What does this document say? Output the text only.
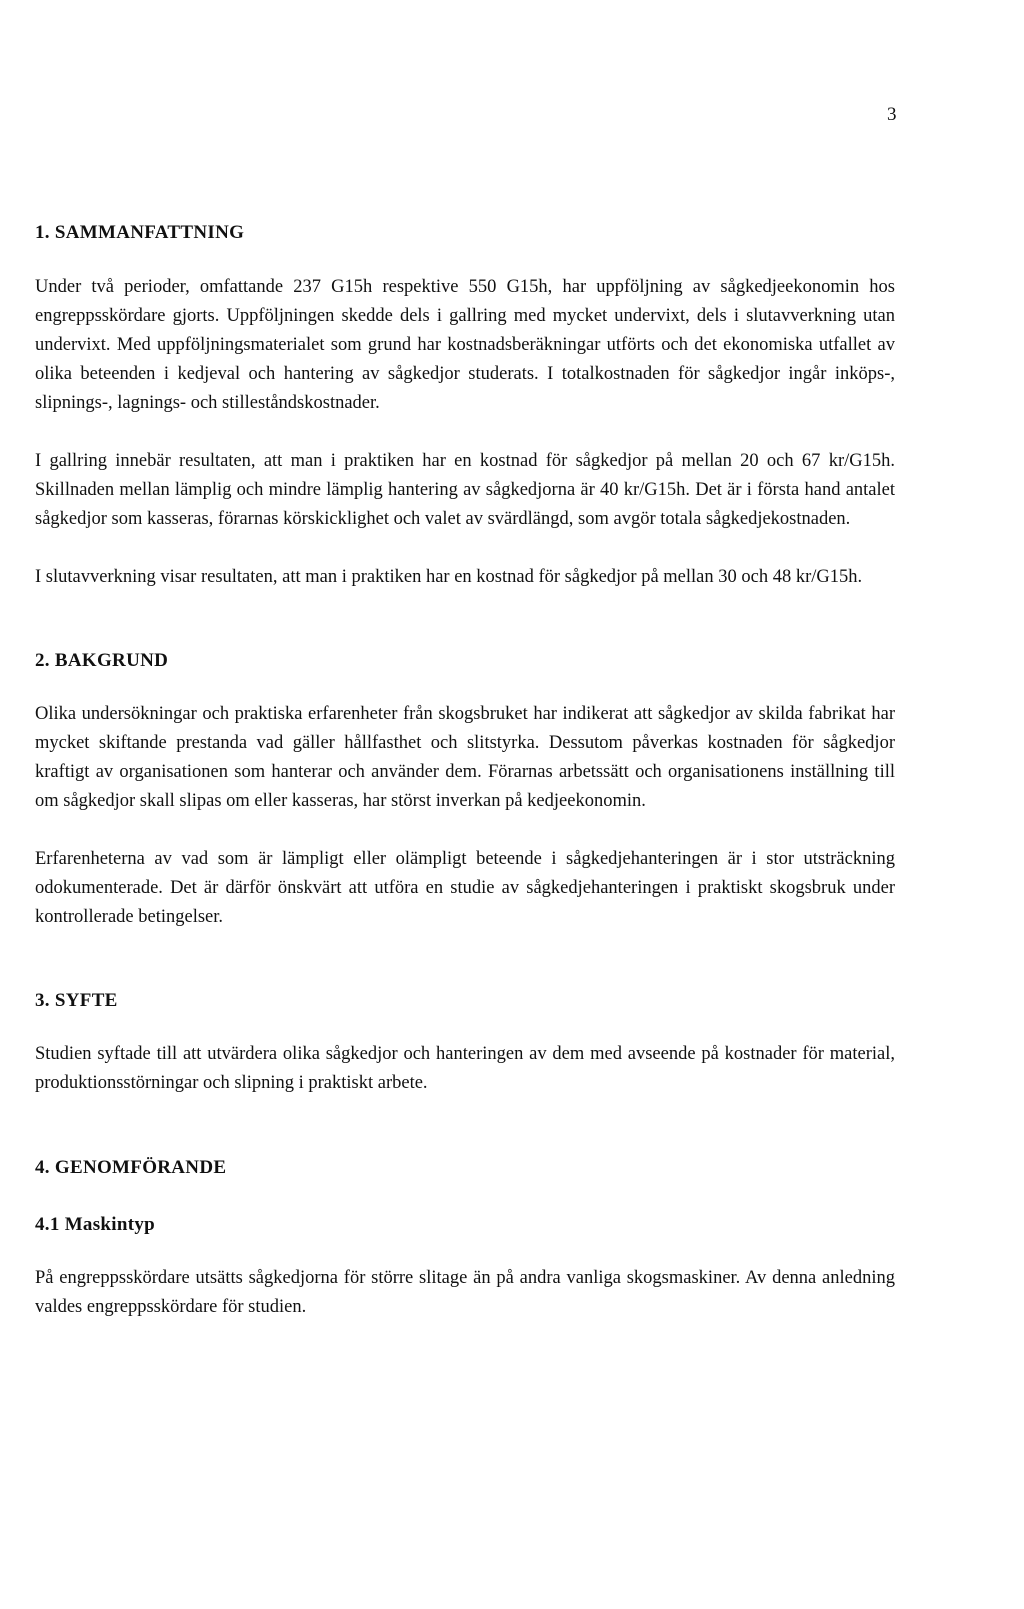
3
1. SAMMANFATTNING

Under två perioder, omfattande 237 G15h respektive 550 G15h, har uppföljning av sågkedjeekonomin hos engreppsskördare gjorts. Uppföljningen skedde dels i gallring med mycket undervixt, dels i slutavverkning utan undervixt. Med uppföljningsmaterialet som grund har kostnadsberäkningar utförts och det ekonomiska utfallet av olika beteenden i kedjeval och hantering av sågkedjor studerats. I totalkostnaden för sågkedjor ingår inköps-, slipnings-, lagnings- och stilleståndskostnader.

I gallring innebär resultaten, att man i praktiken har en kostnad för sågkedjor på mellan 20 och 67 kr/G15h. Skillnaden mellan lämplig och mindre lämplig hantering av sågkedjorna är 40 kr/G15h. Det är i första hand antalet sågkedjor som kasseras, förarnas körskicklighet och valet av svärdlängd, som avgör totala sågkedjekostnaden.

I slutavverkning visar resultaten, att man i praktiken har en kostnad för sågkedjor på mellan 30 och 48 kr/G15h.

2. BAKGRUND

Olika undersökningar och praktiska erfarenheter från skogsbruket har indikerat att sågkedjor av skilda fabrikat har mycket skiftande prestanda vad gäller hållfasthet och slitstyrka. Dessutom påverkas kostnaden för sågkedjor kraftigt av organisationen som hanterar och använder dem. Förarnas arbetssätt och organisationens inställning till om sågkedjor skall slipas om eller kasseras, har störst inverkan på kedjeekonomin.

Erfarenheterna av vad som är lämpligt eller olämpligt beteende i sågkedjehanteringen är i stor utsträckning odokumenterade. Det är därför önskvärt att utföra en studie av sågkedjehanteringen i praktiskt skogsbruk under kontrollerade betingelser.

3. SYFTE

Studien syftade till att utvärdera olika sågkedjor och hanteringen av dem med avseende på kostnader för material, produktionsstörningar och slipning i praktiskt arbete.

4. GENOMFÖRANDE
4.1 Maskintyp

På engreppsskördare utsätts sågkedjorna för större slitage än på andra vanliga skogsmaskiner. Av denna anledning valdes engreppsskördare för studien.
